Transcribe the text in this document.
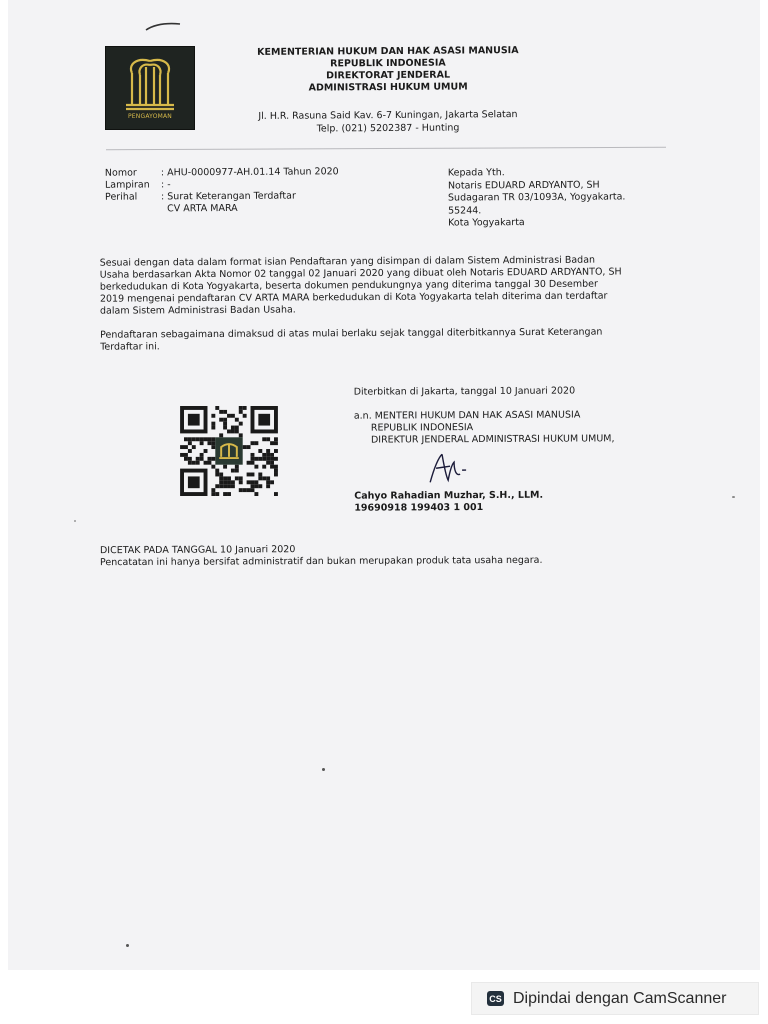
PENGAYOMAN
KEMENTERIAN HUKUM DAN HAK ASASI MANUSIA
REPUBLIK INDONESIA
DIREKTORAT JENDERAL
ADMINISTRASI HUKUM UMUM
Jl. H.R. Rasuna Said Kav. 6-7 Kuningan, Jakarta Selatan
Telp. (021) 5202387 - Hunting
Nomor	: AHU-0000977-AH.01.14 Tahun 2020
Lampiran	: -
Perihal	: Surat Keterangan Terdaftar
CV ARTA MARA
Kepada Yth.
Notaris EDUARD ARDYANTO, SH
Sudagaran TR 03/1093A, Yogyakarta.
55244.
Kota Yogyakarta

Sesuai dengan data dalam format isian Pendaftaran yang disimpan di dalam Sistem Administrasi Badan
Usaha berdasarkan Akta Nomor 02 tanggal 02 Januari 2020 yang dibuat oleh Notaris EDUARD ARDYANTO, SH
berkedudukan di Kota Yogyakarta, beserta dokumen pendukungnya yang diterima tanggal 30 Desember
2019 mengenai pendaftaran CV ARTA MARA berkedudukan di Kota Yogyakarta telah diterima dan terdaftar
dalam Sistem Administrasi Badan Usaha.

Pendaftaran sebagaimana dimaksud di atas mulai berlaku sejak tanggal diterbitkannya Surat Keterangan
Terdaftar ini.

Diterbitkan di Jakarta, tanggal 10 Januari 2020
a.n. MENTERI HUKUM DAN HAK ASASI MANUSIA
REPUBLIK INDONESIA
DIREKTUR JENDERAL ADMINISTRASI HUKUM UMUM,
Cahyo Rahadian Muzhar, S.H., LLM.
19690918 199403 1 001
DICETAK PADA TANGGAL 10 Januari 2020
Pencatatan ini hanya bersifat administratif dan bukan merupakan produk tata usaha negara.
CS Dipindai dengan CamScanner
